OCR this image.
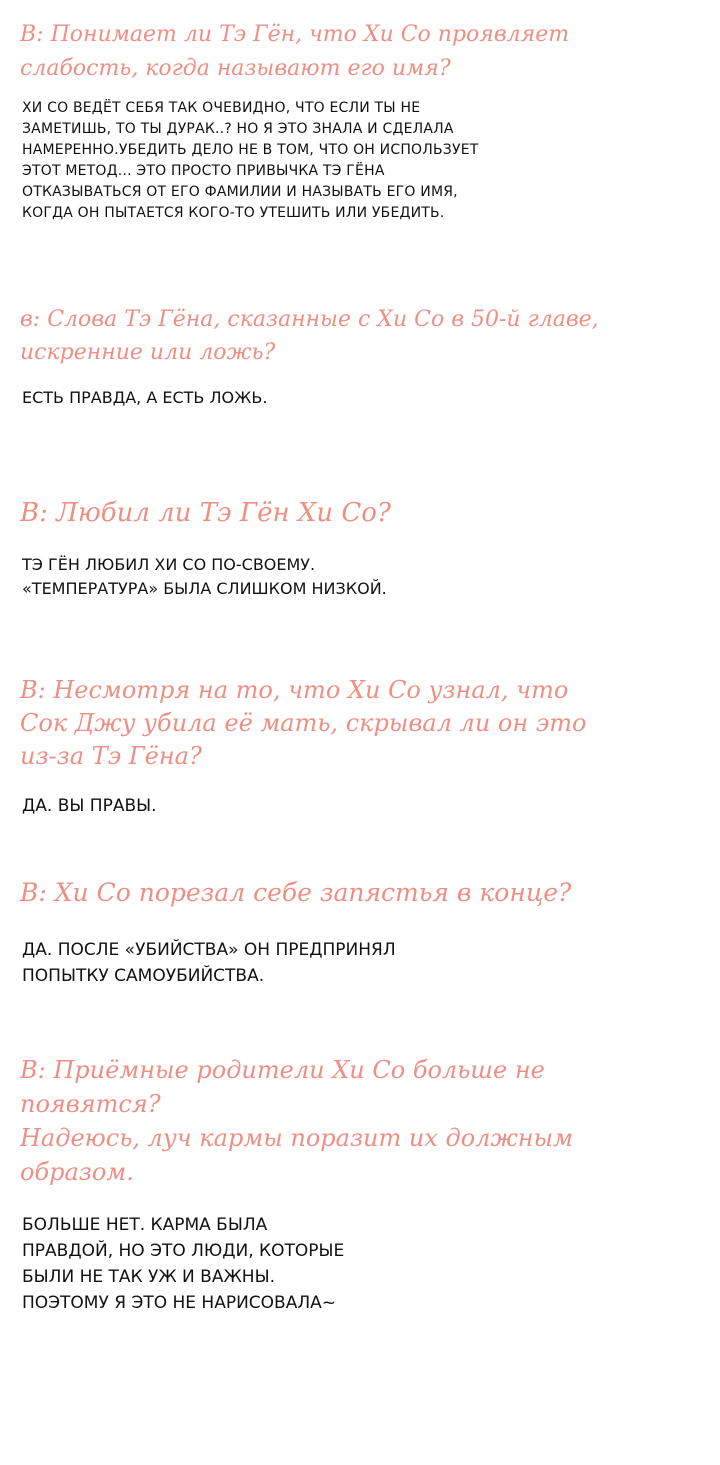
В: Понимает ли Тэ Гён, что Хи Со проявляет
слабость, когда называют его имя?

ХИ СО ВЕДЁТ СЕБЯ ТАК ОЧЕВИДНО, ЧТО ЕСЛИ ТЫ НЕ
ЗАМЕТИШЬ, ТО ТЫ ДУРАК..? НО Я ЭТО ЗНАЛА И СДЕЛАЛА
НАМЕРЕННО.УБЕДИТЬ ДЕЛО НЕ В ТОМ, ЧТО ОН ИСПОЛЬЗУЕТ
ЭТОТ МЕТОД... ЭТО ПРОСТО ПРИВЫЧКА ТЭ ГЁНА
ОТКАЗЫВАТЬСЯ ОТ ЕГО ФАМИЛИИ И НАЗЫВАТЬ ЕГО ИМЯ,
КОГДА ОН ПЫТАЕТСЯ КОГО-ТО УТЕШИТЬ ИЛИ УБЕДИТЬ.

в: Слова Тэ Гёна, сказанные с Хи Со в 50-й главе,
искренние или ложь?

ЕСТЬ ПРАВДА, А ЕСТЬ ЛОЖЬ.

В: Любил ли Тэ Гён Хи Со?

ТЭ ГЁН ЛЮБИЛ ХИ СО ПО-СВОЕМУ.
«ТЕМПЕРАТУРА» БЫЛА СЛИШКОМ НИЗКОЙ.

В: Несмотря на то, что Хи Со узнал, что
Сок Джу убила её мать, скрывал ли он это
из-за Тэ Гёна?

ДА. ВЫ ПРАВЫ.

В: Хи Со порезал себе запястья в конце?

ДА. ПОСЛЕ «УБИЙСТВА» ОН ПРЕДПРИНЯЛ
ПОПЫТКУ САМОУБИЙСТВА.

В: Приёмные родители Хи Со больше не
появятся?
Надеюсь, луч кармы поразит их должным
образом.

БОЛЬШЕ НЕТ. КАРМА БЫЛА
ПРАВДОЙ, НО ЭТО ЛЮДИ, КОТОРЫЕ
БЫЛИ НЕ ТАК УЖ И ВАЖНЫ.
ПОЭТОМУ Я ЭТО НЕ НАРИСОВАЛА~
